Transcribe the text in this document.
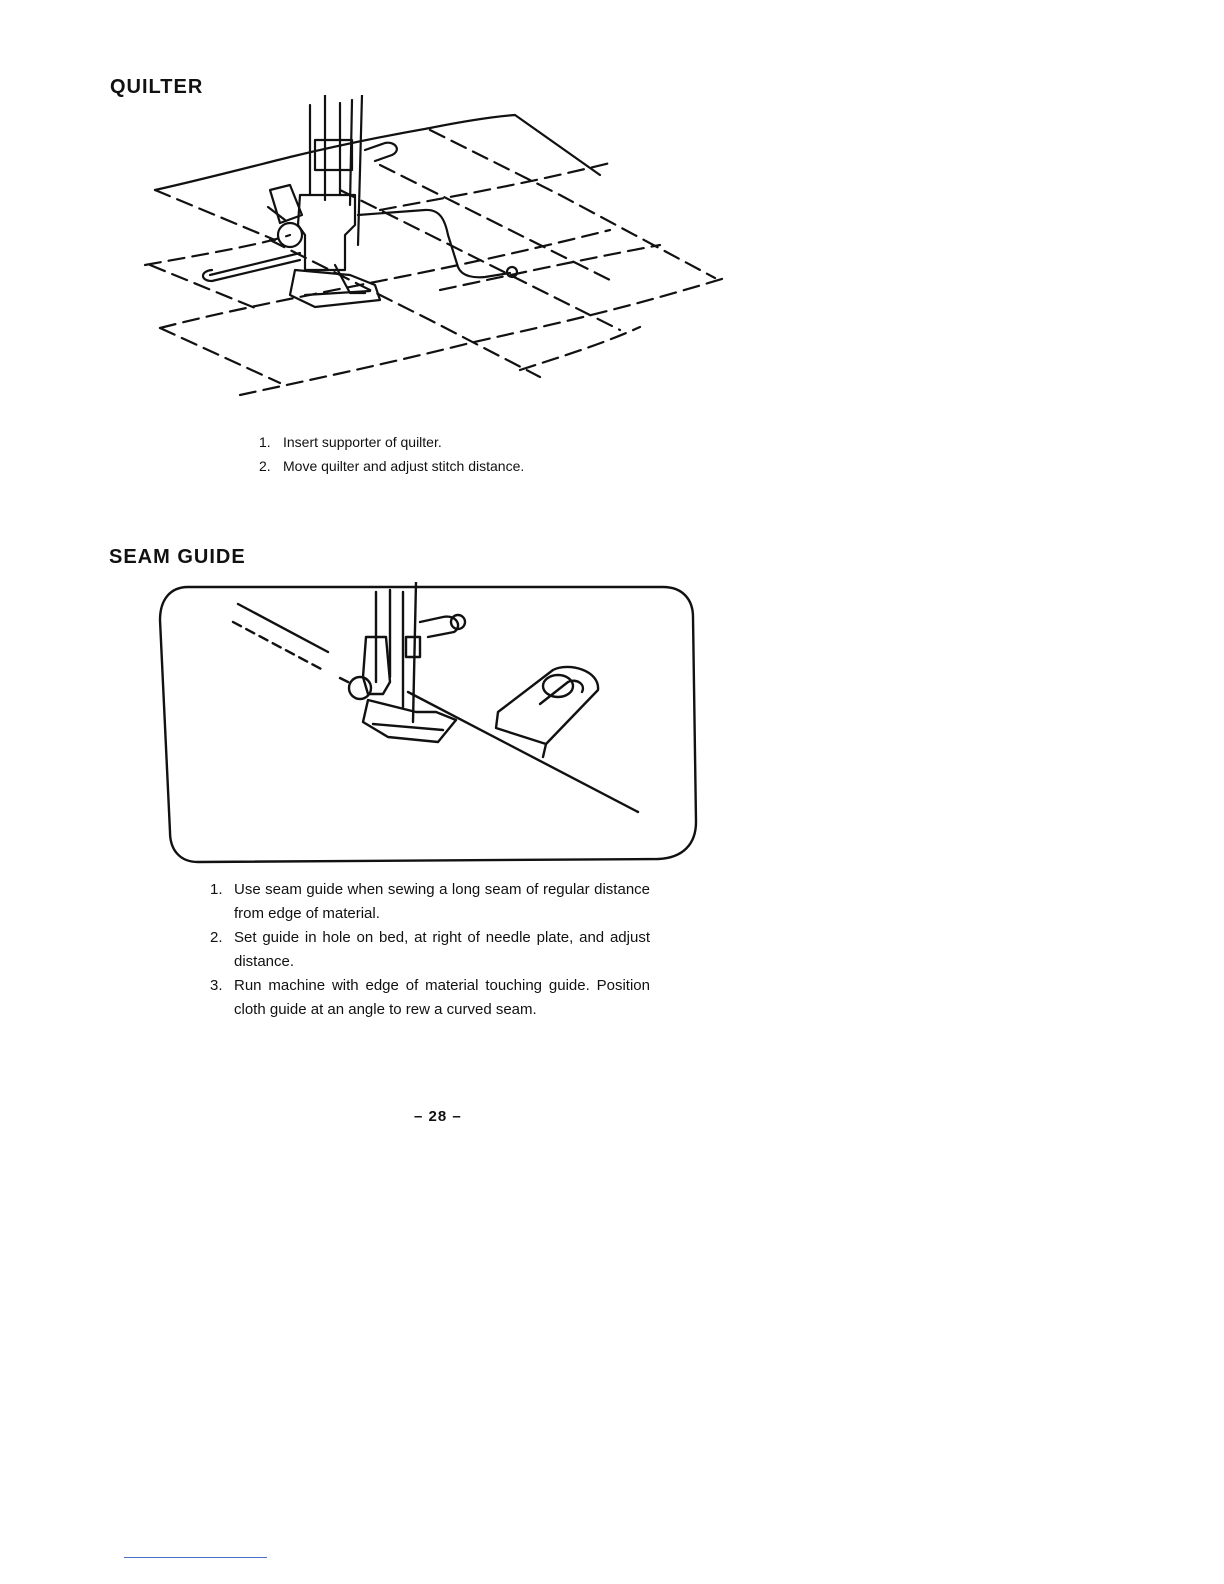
QUILTER
1. Insert supporter of quilter.
2. Move quilter and adjust stitch distance.
SEAM GUIDE
1. Use seam guide when sewing a long seam of regular distance from edge of material.
2. Set guide in hole on bed, at right of needle plate, and adjust distance.
3. Run machine with edge of material touching guide. Position cloth guide at an angle to rew a curved seam.
– 28 –
